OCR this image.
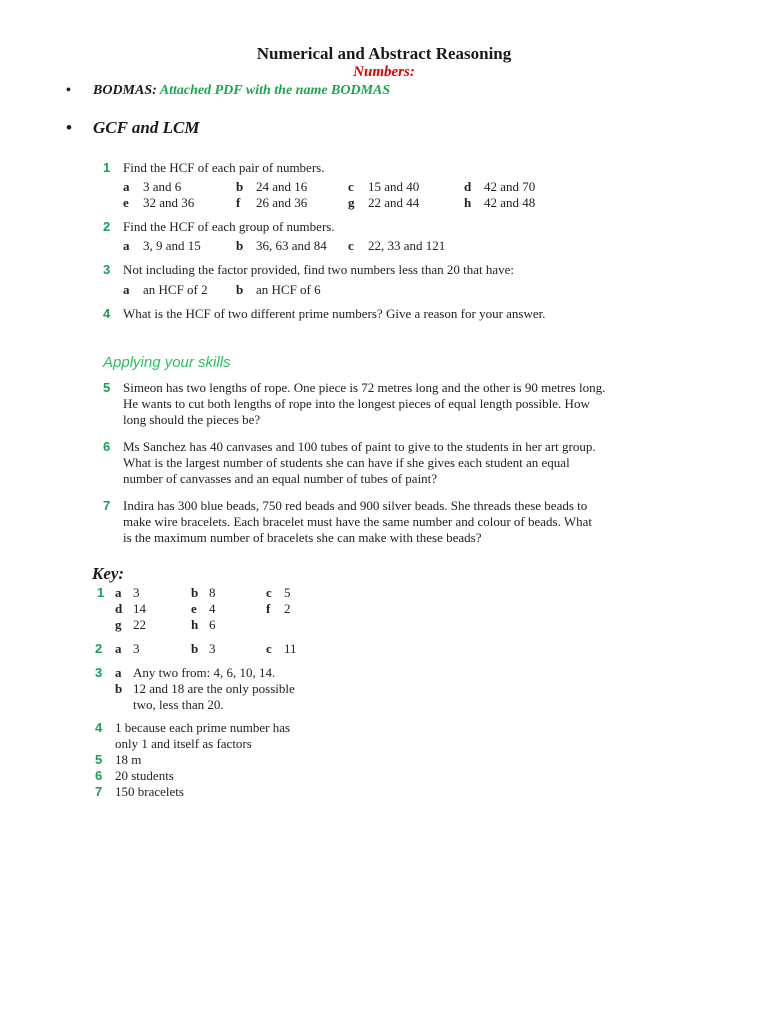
Numerical and Abstract Reasoning
Numbers:
• BODMAS: Attached PDF with the name BODMAS
• GCF and LCM
1 Find the HCF of each pair of numbers.
a 3 and 6	b 24 and 16	c 15 and 40	d 42 and 70
e 32 and 36	f 26 and 36	g 22 and 44	h 42 and 48
2 Find the HCF of each group of numbers.
a 3, 9 and 15	b 36, 63 and 84 c 22, 33 and 121
3 Not including the factor provided, find two numbers less than 20 that have:
a an HCF of 2 b an HCF of 6
4 What is the HCF of two different prime numbers? Give a reason for your answer.
Applying your skills
5 Simeon has two lengths of rope. One piece is 72 metres long and the other is 90 metres long.
He wants to cut both lengths of rope into the longest pieces of equal length possible. How
long should the pieces be?
6 Ms Sanchez has 40 canvases and 100 tubes of paint to give to the students in her art group.
What is the largest number of students she can have if she gives each student an equal
number of canvasses and an equal number of tubes of paint?
7 Indira has 300 blue beads, 750 red beads and 900 silver beads. She threads these beads to
make wire bracelets. Each bracelet must have the same number and colour of beads. What
is the maximum number of bracelets she can make with these beads?
Key:
1 a 3	b 8	c 5
d 14	e 4	f 2
g 22	h 6
2 a 3	b 3	c 11
3 a Any two from: 4, 6, 10, 14.
b 12 and 18 are the only possible
two, less than 20.
4 1 because each prime number has
only 1 and itself as factors
5 18 m
6 20 students
7 150 bracelets
